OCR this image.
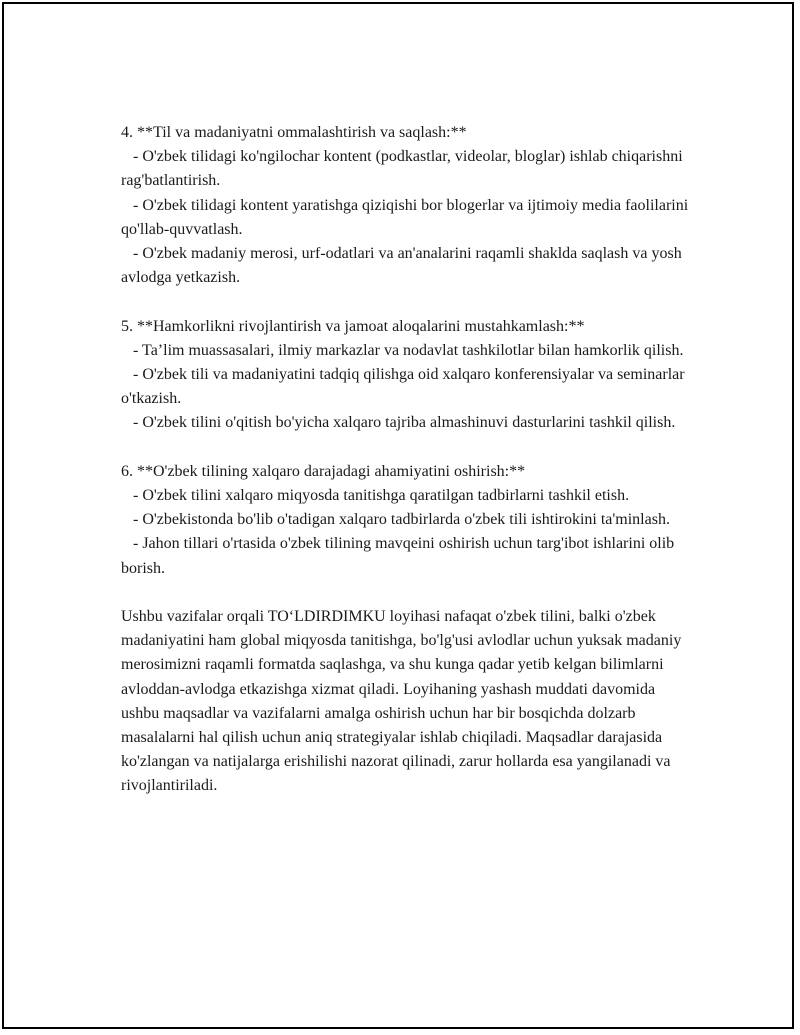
4. **Til va madaniyatni ommalashtirish va saqlash:**

- O'zbek tilidagi ko'ngilochar kontent (podkastlar, videolar, bloglar) ishlab chiqarishni rag'batlantirish.

- O'zbek tilidagi kontent yaratishga qiziqishi bor blogerlar va ijtimoiy media faolilarini qo'llab-quvvatlash.

- O'zbek madaniy merosi, urf-odatlari va an'analarini raqamli shaklda saqlash va yosh avlodga yetkazish.

5. **Hamkorlikni rivojlantirish va jamoat aloqalarini mustahkamlash:**

- Ta’lim muassasalari, ilmiy markazlar va nodavlat tashkilotlar bilan hamkorlik qilish.

- O'zbek tili va madaniyatini tadqiq qilishga oid xalqaro konferensiyalar va seminarlar o'tkazish.

- O'zbek tilini o'qitish bo'yicha xalqaro tajriba almashinuvi dasturlarini tashkil qilish.

6. **O'zbek tilining xalqaro darajadagi ahamiyatini oshirish:**

- O'zbek tilini xalqaro miqyosda tanitishga qaratilgan tadbirlarni tashkil etish.

- O'zbekistonda bo'lib o'tadigan xalqaro tadbirlarda o'zbek tili ishtirokini ta'minlash.

- Jahon tillari o'rtasida o'zbek tilining mavqeini oshirish uchun targ'ibot ishlarini olib borish.

Ushbu vazifalar orqali TO‘LDIRDIMKU loyihasi nafaqat o'zbek tilini, balki o'zbek madaniyatini ham global miqyosda tanitishga, bo'lg'usi avlodlar uchun yuksak madaniy merosimizni raqamli formatda saqlashga, va shu kunga qadar yetib kelgan bilimlarni avloddan-avlodga etkazishga xizmat qiladi. Loyihaning yashash muddati davomida ushbu maqsadlar va vazifalarni amalga oshirish uchun har bir bosqichda dolzarb masalalarni hal qilish uchun aniq strategiyalar ishlab chiqiladi. Maqsadlar darajasida ko'zlangan va natijalarga erishilishi nazorat qilinadi, zarur hollarda esa yangilanadi va rivojlantiriladi.
